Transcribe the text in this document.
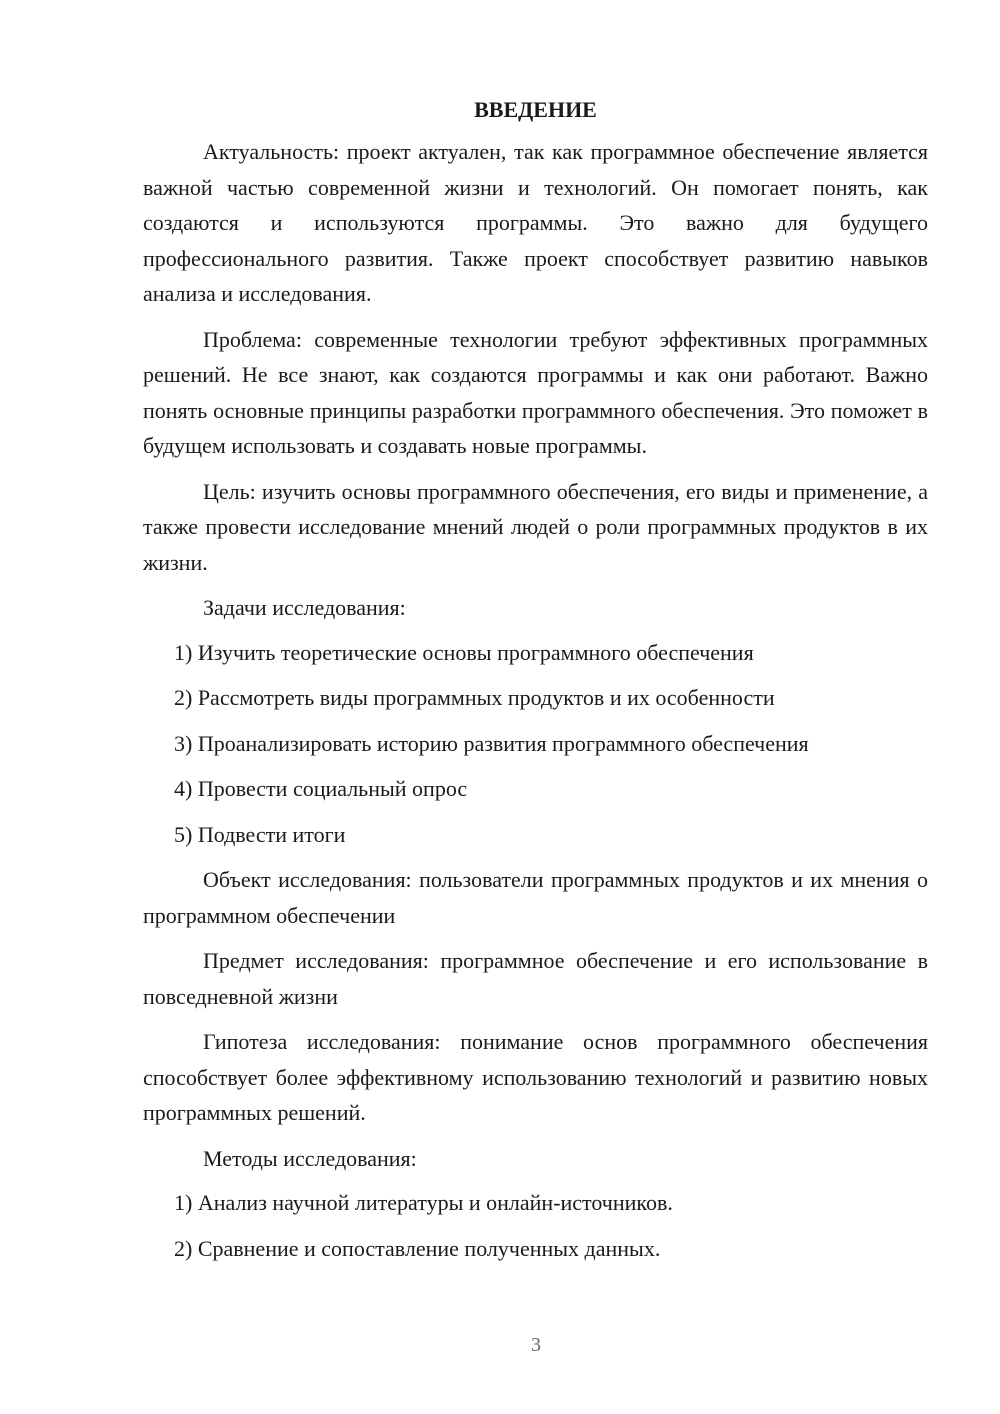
ВВЕДЕНИЕ

Актуальность: проект актуален, так как программное обеспечение является важной частью современной жизни и технологий. Он помогает понять, как создаются и используются программы. Это важно для будущего профессионального развития. Также проект способствует развитию навыков анализа и исследования.

Проблема: современные технологии требуют эффективных программных решений. Не все знают, как создаются программы и как они работают. Важно понять основные принципы разработки программного обеспечения. Это поможет в будущем использовать и создавать новые программы.

Цель: изучить основы программного обеспечения, его виды и применение, а также провести исследование мнений людей о роли программных продуктов в их жизни.

Задачи исследования:

1) Изучить теоретические основы программного обеспечения
2) Рассмотреть виды программных продуктов и их особенности
3) Проанализировать историю развития программного обеспечения
4) Провести социальный опрос
5) Подвести итоги

Объект исследования: пользователи программных продуктов и их мнения о программном обеспечении

Предмет исследования: программное обеспечение и его использование в повседневной жизни

Гипотеза исследования: понимание основ программного обеспечения способствует более эффективному использованию технологий и развитию новых программных решений.

Методы исследования:

1) Анализ научной литературы и онлайн-источников.
2) Сравнение и сопоставление полученных данных.
3
